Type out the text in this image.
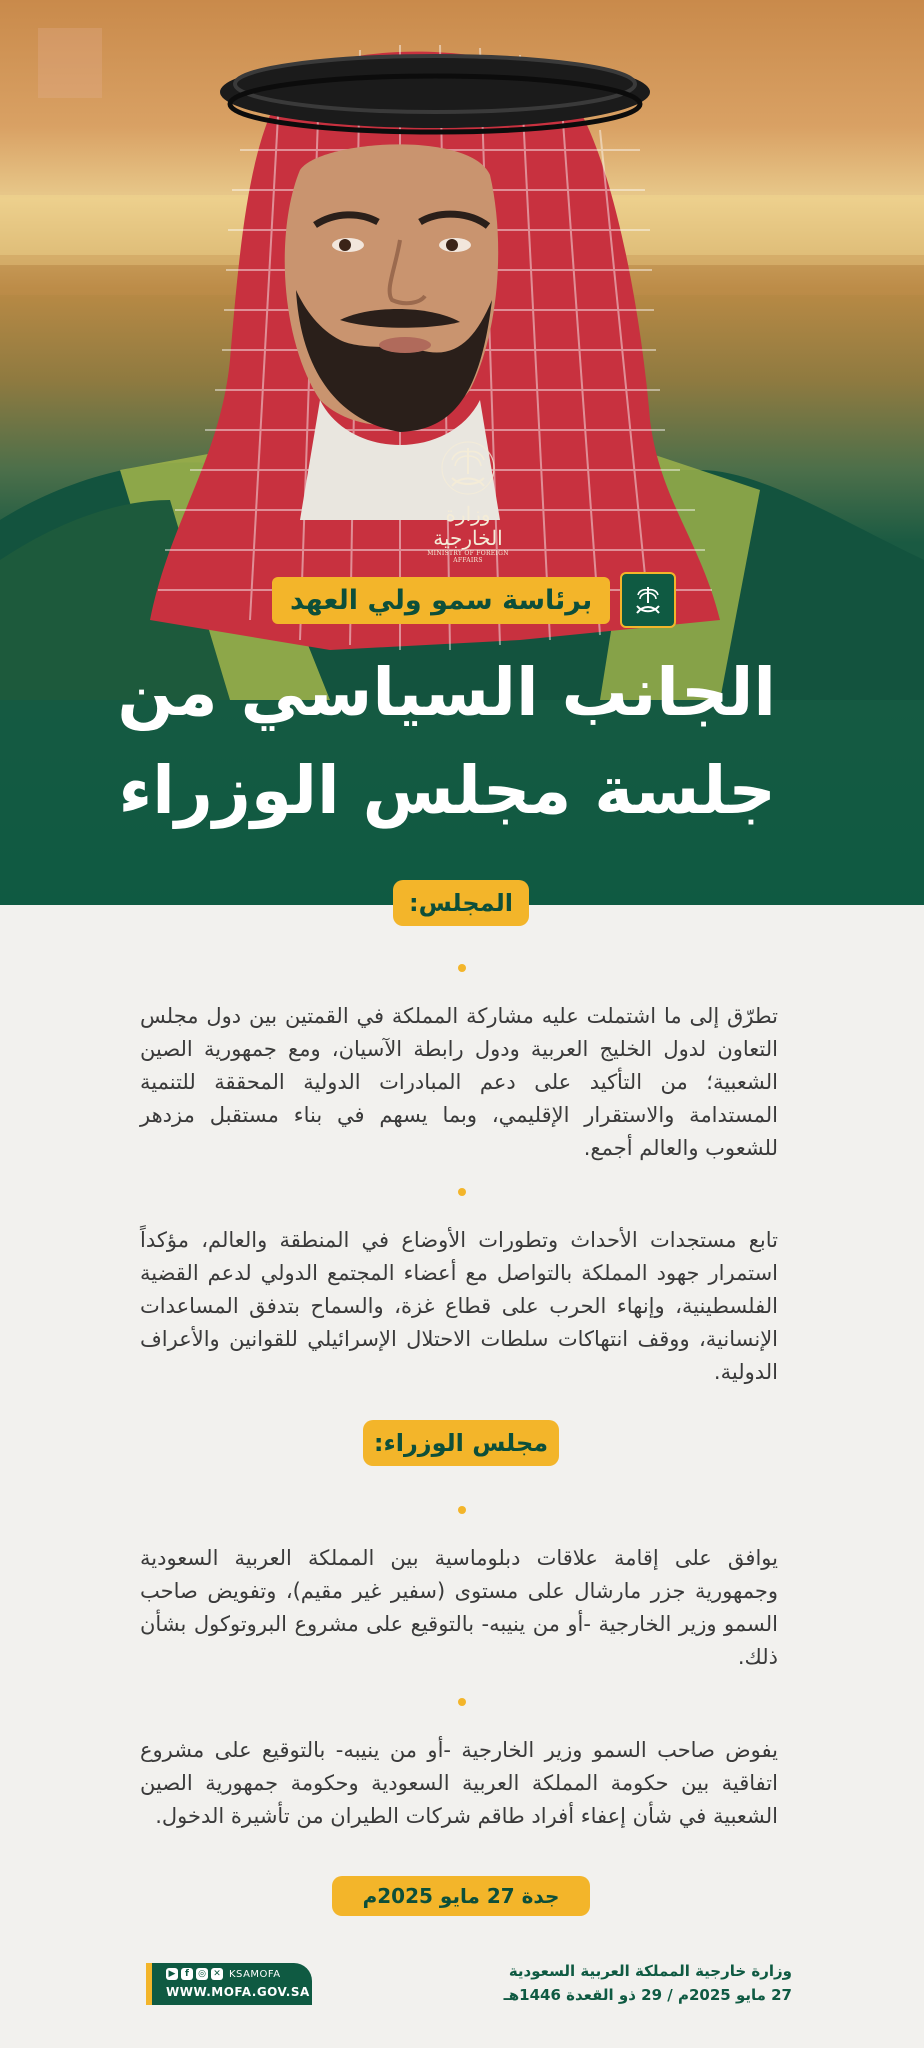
وزارة الخارجية
MINISTRY OF FOREIGN AFFAIRS
برئاسة سمو ولي العهد
الجانب السياسي من
جلسة مجلس الوزراء
المجلس:
تطرّق إلى ما اشتملت عليه مشاركة المملكة في القمتين بين دول مجلس التعاون لدول الخليج العربية ودول رابطة الآسيان، ومع جمهورية الصين الشعبية؛ من التأكيد على دعم المبادرات الدولية المحققة للتنمية المستدامة والاستقرار الإقليمي، وبما يسهم في بناء مستقبل مزدهر للشعوب والعالم أجمع.
تابع مستجدات الأحداث وتطورات الأوضاع في المنطقة والعالم، مؤكداً استمرار جهود المملكة بالتواصل مع أعضاء المجتمع الدولي لدعم القضية الفلسطينية، وإنهاء الحرب على قطاع غزة، والسماح بتدفق المساعدات الإنسانية، ووقف انتهاكات سلطات الاحتلال الإسرائيلي للقوانين والأعراف الدولية.
مجلس الوزراء:
يوافق على إقامة علاقات دبلوماسية بين المملكة العربية السعودية وجمهورية جزر مارشال على مستوى (سفير غير مقيم)، وتفويض صاحب السمو وزير الخارجية -أو من ينيبه- بالتوقيع على مشروع البروتوكول بشأن ذلك.
يفوض صاحب السمو وزير الخارجية -أو من ينيبه- بالتوقيع على مشروع اتفاقية بين حكومة المملكة العربية السعودية وحكومة جمهورية الصين الشعبية في شأن إعفاء أفراد طاقم شركات الطيران من تأشيرة الدخول.
جدة 27 مايو 2025م
▶	f	◎ ✕ KSAMOFA
WWW.MOFA.GOV.SA
وزارة خارجية المملكة العربية السعودية
27 مايو 2025م / 29 ذو القعدة 1446هـ
